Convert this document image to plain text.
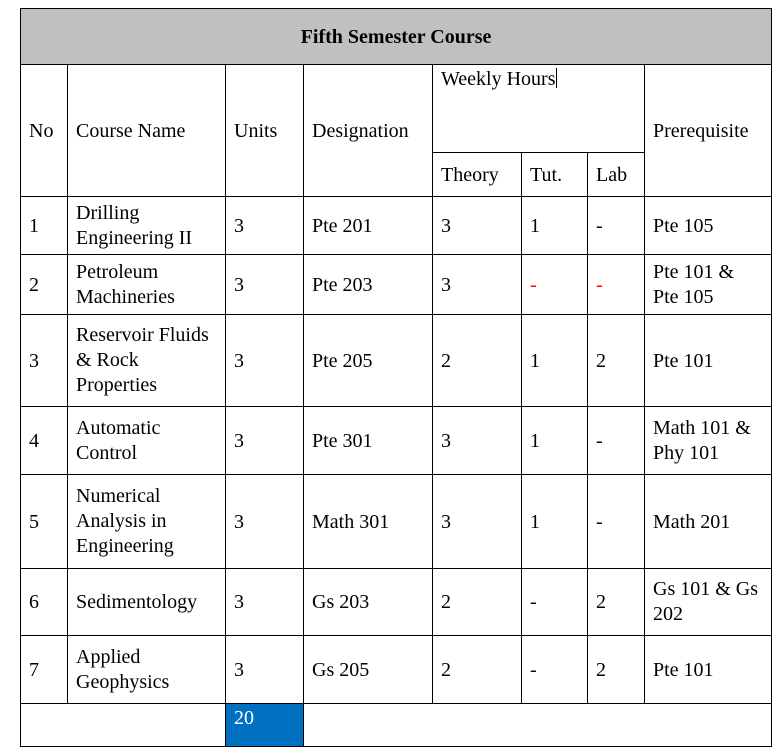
Fifth Semester Course							
No	Course Name	Units	Designation	Weekly Hours			Prerequisite
				Theory	Tut.	Lab	
1	Drilling Engineering II	3	Pte 201	3	1	-	Pte 105
2	Petroleum Machineries	3	Pte 203	3	-	-	Pte 101 & Pte 105
3	Reservoir Fluids & Rock Properties	3	Pte 205	2	1	2	Pte 101
4	Automatic Control	3	Pte 301	3	1	-	Math 101 & Phy 101
5	Numerical Analysis in Engineering	3	Math 301	3	1	-	Math 201
6	Sedimentology	3	Gs 203	2	-	2	Gs 101 & Gs 202
7	Applied Geophysics	3	Gs 205	2	-	2	Pte 101
		20					
